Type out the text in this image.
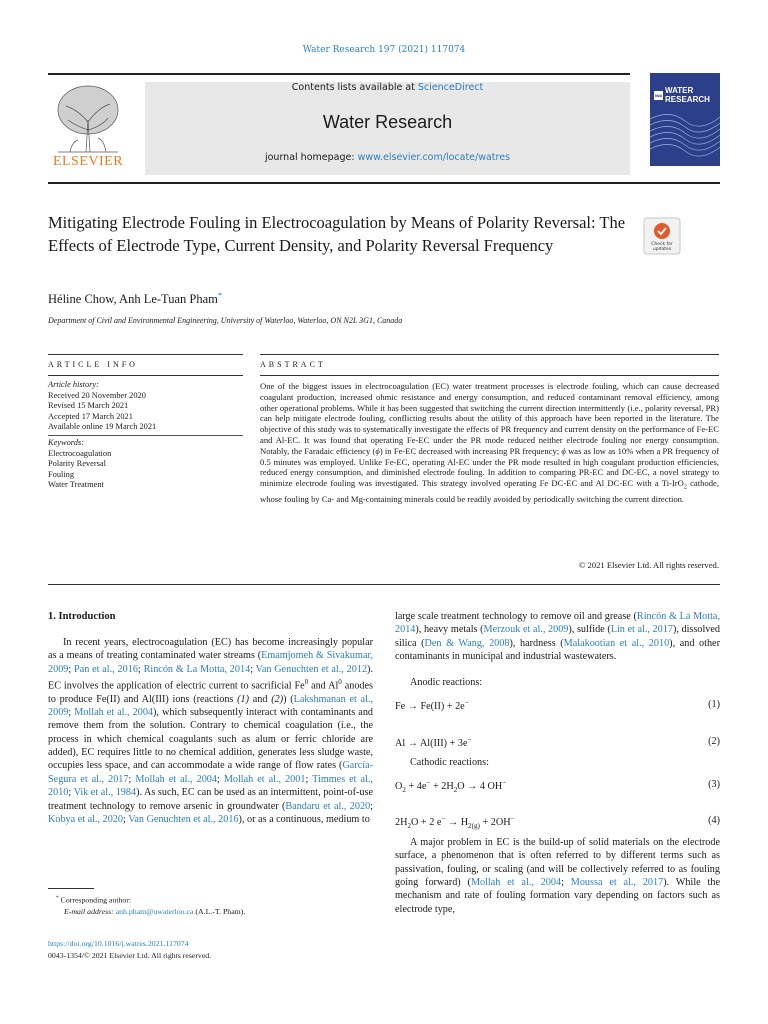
Water Research 197 (2021) 117074
ELSEVIER
Contents lists available at ScienceDirect
Water Research
journal homepage: www.elsevier.com/locate/watres
IWA
WATER RESEARCH
Mitigating Electrode Fouling in Electrocoagulation by Means of Polarity Reversal: The Effects of Electrode Type, Current Density, and Polarity Reversal Frequency	Check for updates
Héline Chow, Anh Le-Tuan Pham*
Department of Civil and Environmental Engineering, University of Waterloo, Waterloo, ON N2L 3G1, Canada
ARTICLE INFO	ABSTRACT
Article history:
Received 20 November 2020
Revised 15 March 2021
Accepted 17 March 2021
Available online 19 March 2021
Keywords:
Electrocoagulation
Polarity Reversal
Fouling
Water Treatment
One of the biggest issues in electrocoagulation (EC) water treatment processes is electrode fouling, which can cause decreased coagulant production, increased ohmic resistance and energy consumption, and reduced contaminant removal efficiency, among other operational problems. While it has been suggested that switching the current direction intermittently (i.e., polarity reversal, PR) can help mitigate electrode fouling, conflicting results about the utility of this approach have been reported in the literature. The objective of this study was to systematically investigate the effects of PR frequency and current density on the performance of Fe-EC and Al-EC. It was found that operating Fe-EC under the PR mode reduced neither electrode fouling nor energy consumption. Notably, the Faradaic efficiency (ϕ) in Fe-EC decreased with increasing PR frequency; ϕ was as low as 10% when a PR frequency of 0.5 minutes was employed. Unlike Fe-EC, operating Al-EC under the PR mode resulted in high coagulant production efficiencies, reduced energy consumption, and diminished electrode fouling. In addition to comparing PR-EC and DC-EC, a novel strategy to minimize electrode fouling was investigated. This strategy involved operating Fe DC-EC and Al DC-EC with a Ti-IrO$_2$ cathode, whose fouling by Ca- and Mg-containing minerals could be readily avoided by periodically switching the current direction.
© 2021 Elsevier Ltd. All rights reserved.
1. Introduction
In recent years, electrocoagulation (EC) has become increasingly popular as a means of treating contaminated water streams (Emamjomeh & Sivakumar, 2009; Pan et al., 2016; Rincón & La Motta, 2014; Van Genuchten et al., 2012). EC involves the application of electric current to sacrificial Fe$^0$ and Al$^0$ anodes to produce Fe(II) and Al(III) ions (reactions (1) and (2)) (Lakshmanan et al., 2009; Mollah et al., 2004), which subsequently interact with contaminants and remove them from the solution. Contrary to chemical coagulation (i.e., the process in which chemical coagulants such as alum or ferric chloride are added), EC requires little to no chemical addition, generates less sludge waste, occupies less space, and can accommodate a wide range of flow rates (García-Segura et al., 2017; Mollah et al., 2004; Mollah et al., 2001; Timmes et al., 2010; Vik et al., 1984). As such, EC can be used as an intermittent, point-of-use treatment technology to remove arsenic in groundwater (Bandaru et al., 2020; Kobya et al., 2020; Van Genuchten et al., 2016), or as a continuous, medium to
large scale treatment technology to remove oil and grease (Rincón & La Motta, 2014), heavy metals (Merzouk et al., 2009), sulfide (Lin et al., 2017), dissolved silica (Den & Wang, 2008), hardness (Malakootian et al., 2010), and other contaminants in municipal and industrial wastewaters.
Anodic reactions:
Fe → Fe(II) + 2e−	(1)
Al → Al(III) + 3e−	(2)
Cathodic reactions:
$O_2 + 4e^- + 2H_2O \to 4$ OH−	(3)
$2H_2O + 2$ $e^- \to H_{2(g)} + 2OH^-$	(4)
A major problem in EC is the build-up of solid materials on the electrode surface, a phenomenon that is often referred to by different terms such as passivation, fouling, or scaling (and will be collectively referred to as fouling going forward) (Mollah et al., 2004; Moussa et al., 2017). While the mechanism and rate of fouling formation vary depending on factors such as electrode type,
* Corresponding author:
E-mail address: anh.pham@uwaterloo.ca (A.L.-T. Pham).
https://doi.org/10.1016/j.watres.2021.117074
0043-1354/© 2021 Elsevier Ltd. All rights reserved.
